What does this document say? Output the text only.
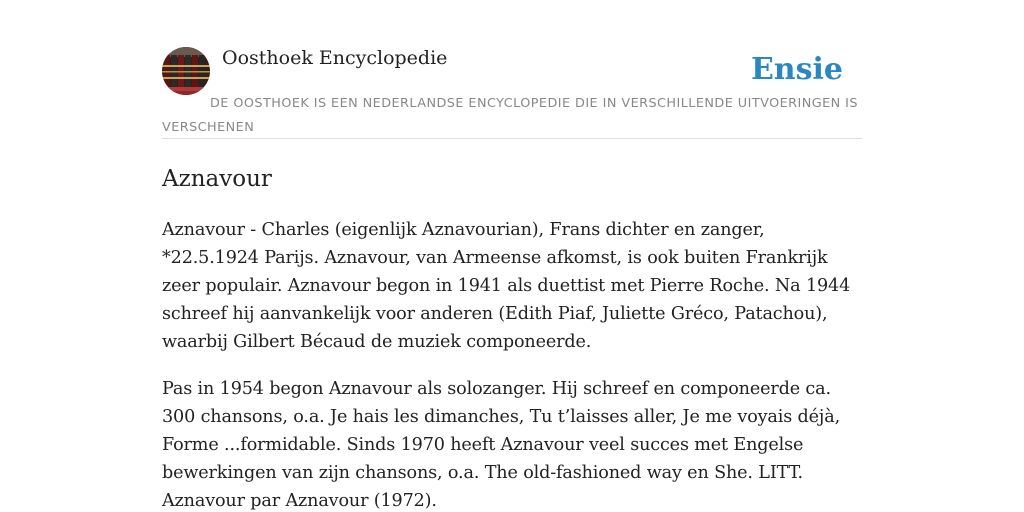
Oosthoek Encyclopedie	Ensie
DE OOSTHOEK IS EEN NEDERLANDSE ENCYCLOPEDIE DIE IN VERSCHILLENDE UITVOERINGEN IS VERSCHENEN
Aznavour

Aznavour - Charles (eigenlijk Aznavourian), Frans dichter en zanger, *22.5.1924 Parijs. Aznavour, van Armeense afkomst, is ook buiten Frankrijk zeer populair. Aznavour begon in 1941 als duettist met Pierre Roche. Na 1944 schreef hij aanvankelijk voor anderen (Edith Piaf, Juliette Gréco, Patachou), waarbij Gilbert Bécaud de muziek componeerde.

Pas in 1954 begon Aznavour als solozanger. Hij schreef en componeerde ca. 300 chansons, o.a. Je hais les dimanches, Tu t’laisses aller, Je me voyais déjà, Forme ...formidable. Sinds 1970 heeft Aznavour veel succes met Engelse bewerkingen van zijn chansons, o.a. The old-fashioned way en She. LITT. Aznavour par Aznavour (1972).
